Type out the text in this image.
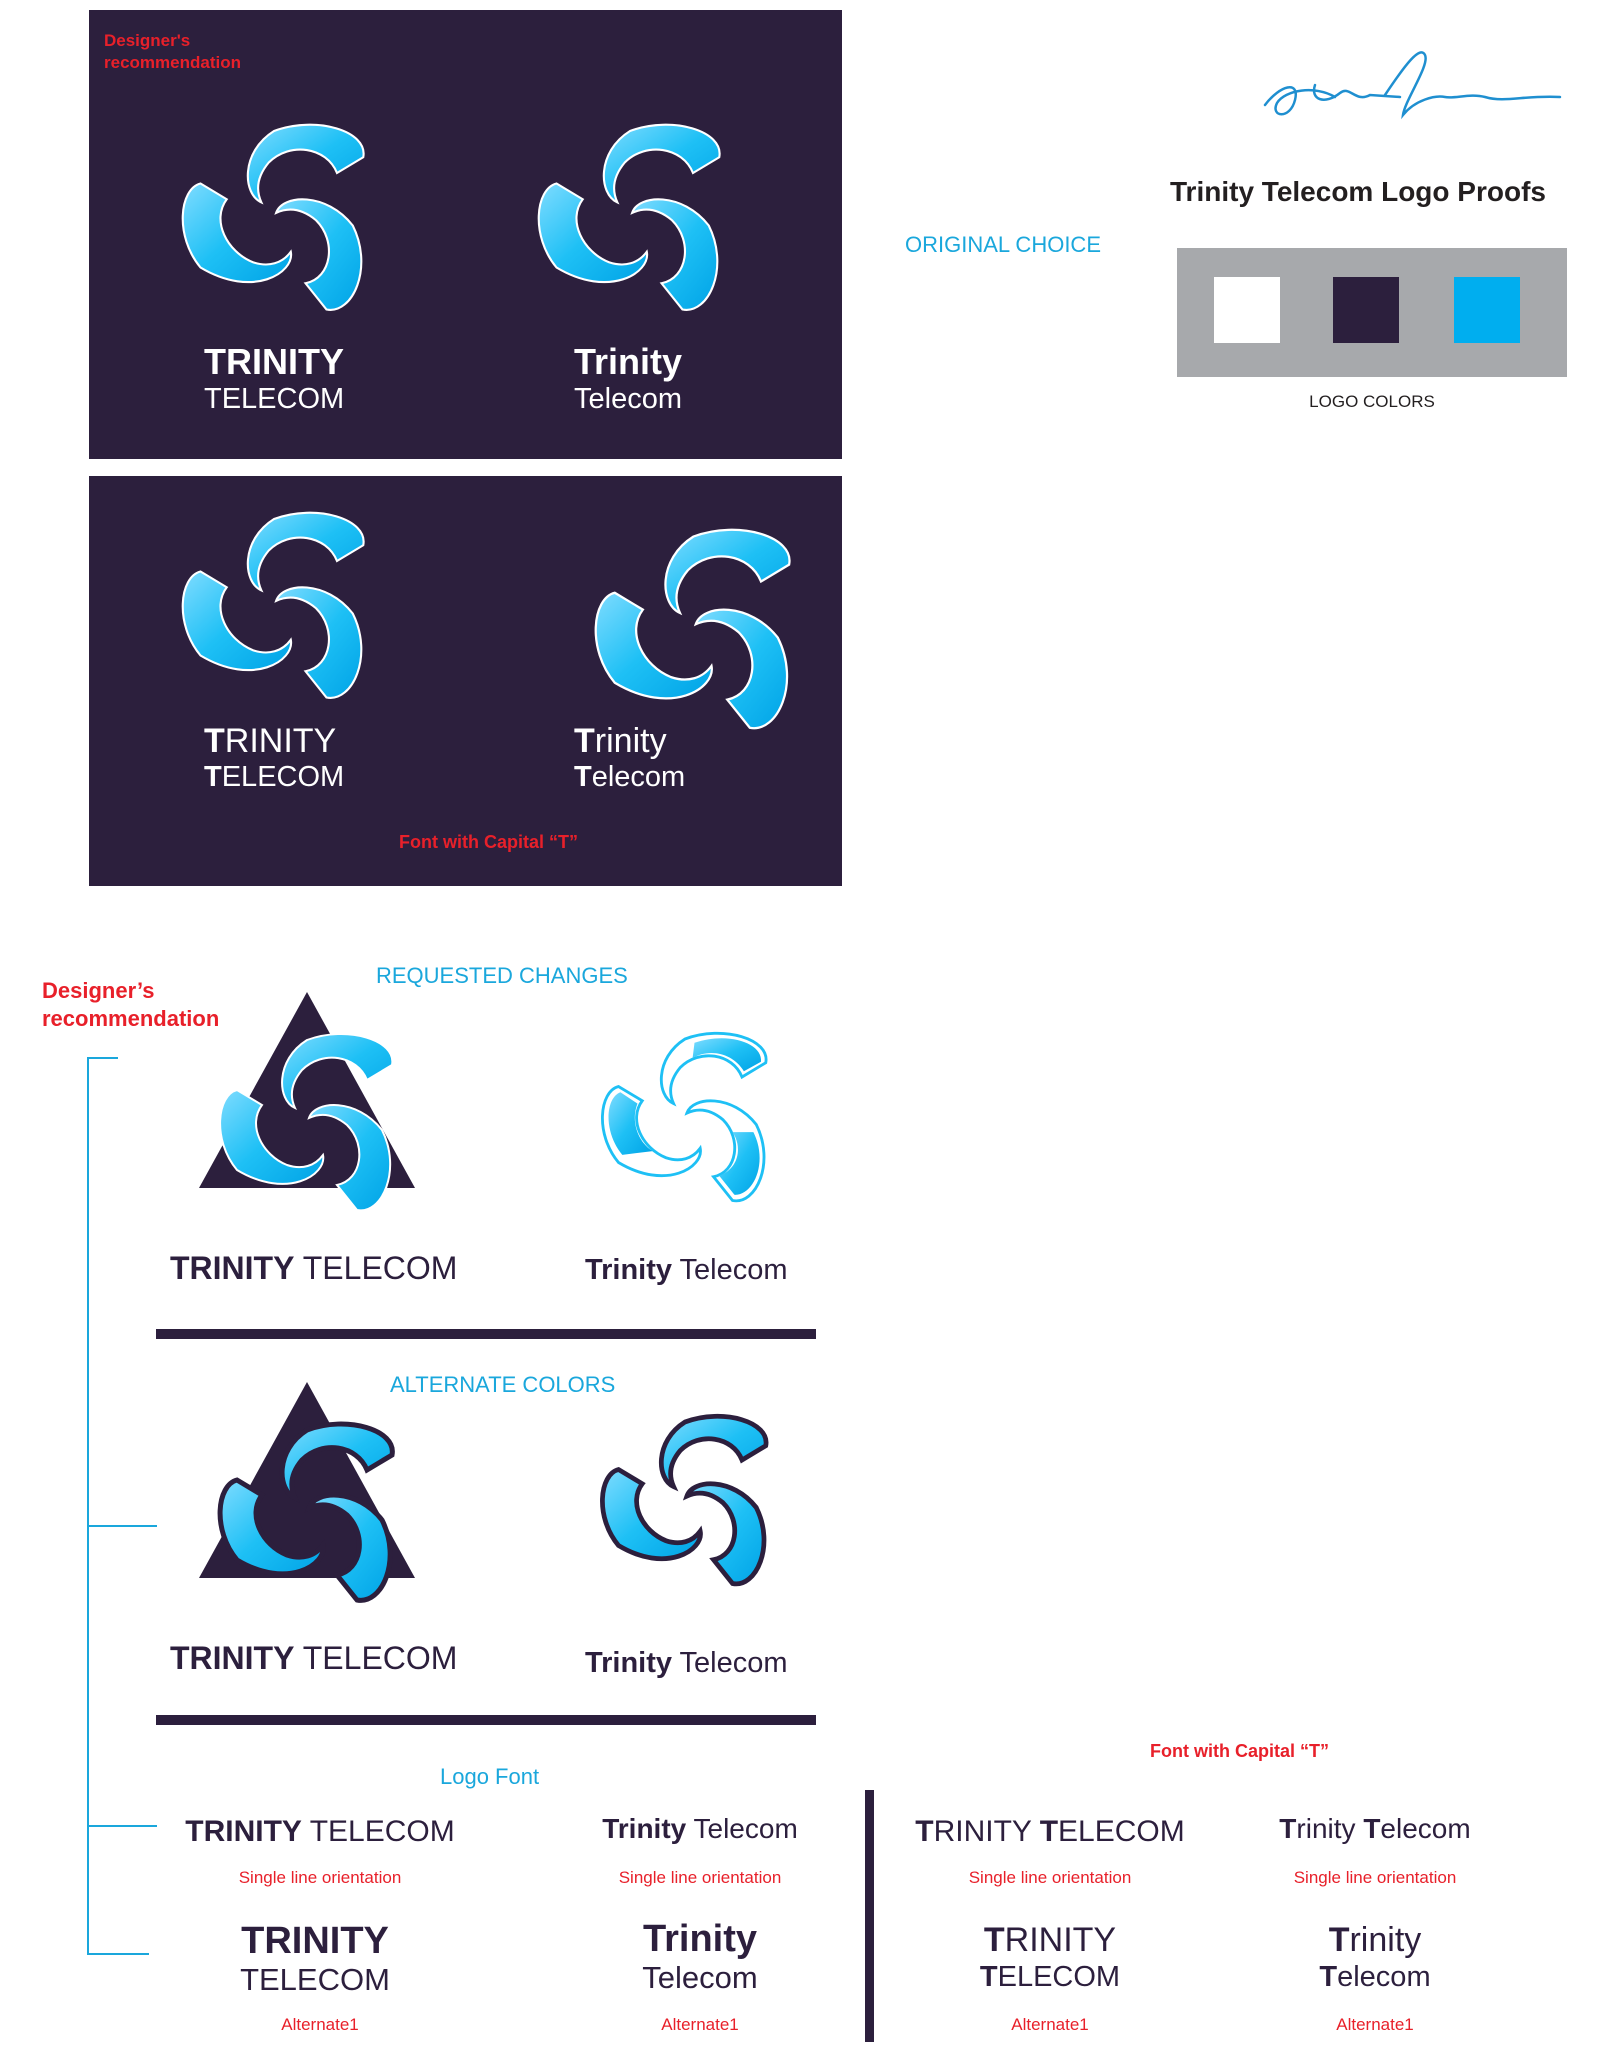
Designer's
recommendation
TRINITY
TELECOM
Trinity
Telecom
TRINITY
TELECOM
Trinity
Telecom
Font with Capital “T”
Trinity Telecom Logo Proofs
ORIGINAL CHOICE
LOGO COLORS
Designer’s
recommendation
REQUESTED CHANGES
TRINITY TELECOM	Trinity Telecom
ALTERNATE COLORS
TRINITY TELECOM	Trinity Telecom
Logo Font
Font with Capital “T”
TRINITY TELECOM
Single line orientation
TRINITY
TELECOM
Alternate1
Trinity Telecom
Single line orientation
Trinity
Telecom
Alternate1
TRINITY TELECOM
Single line orientation
TRINITY
TELECOM
Alternate1
Trinity Telecom
Single line orientation
Trinity
Telecom
Alternate1
